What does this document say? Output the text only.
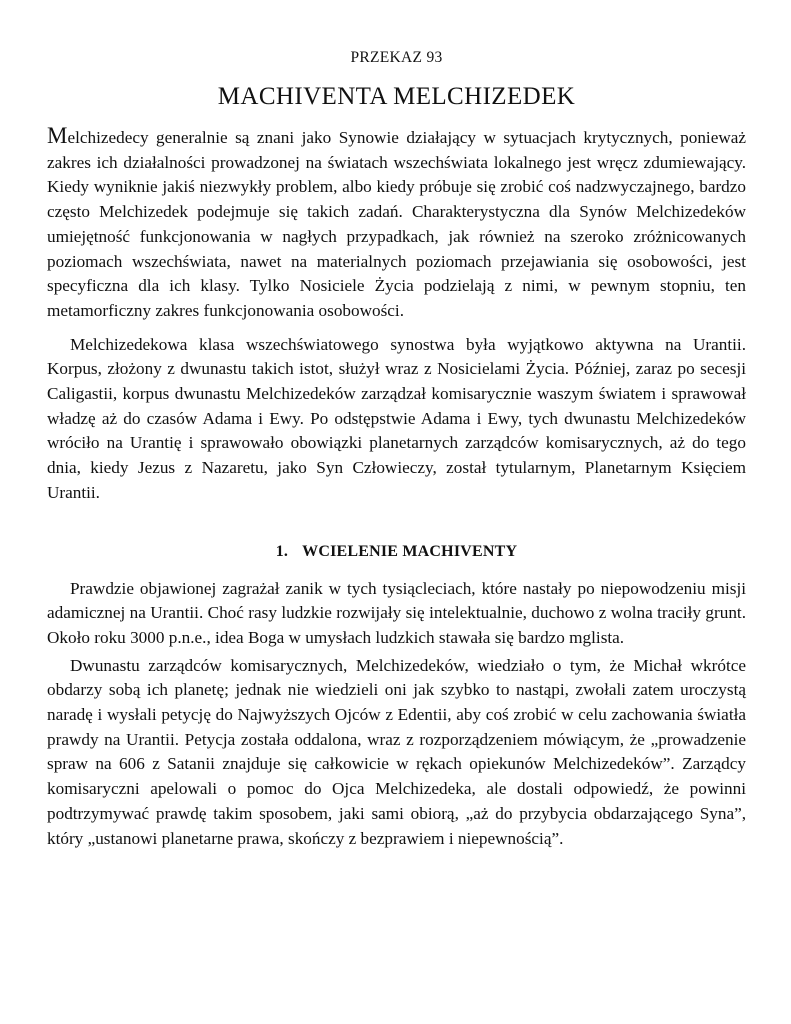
PRZEKAZ 93
MACHIVENTA MELCHIZEDEK

Melchizedecy generalnie są znani jako Synowie działający w sytuacjach krytycznych, ponieważ zakres ich działalności prowadzonej na światach wszechświata lokalnego jest wręcz zdumiewający. Kiedy wyniknie jakiś niezwykły problem, albo kiedy próbuje się zrobić coś nadzwyczajnego, bardzo często Melchizedek podejmuje się takich zadań. Charakterystyczna dla Synów Melchizedeków umiejętność funkcjonowania w nagłych przypadkach, jak również na szeroko zróżnicowanych poziomach wszechświata, nawet na materialnych poziomach przejawiania się osobowości, jest specyficzna dla ich klasy. Tylko Nosiciele Życia podzielają z nimi, w pewnym stopniu, ten metamorficzny zakres funkcjonowania osobowości.

Melchizedekowa klasa wszechświatowego synostwa była wyjątkowo aktywna na Urantii. Korpus, złożony z dwunastu takich istot, służył wraz z Nosicielami Życia. Później, zaraz po secesji Caligastii, korpus dwunastu Melchizedeków zarządzał komisarycznie waszym światem i sprawował władzę aż do czasów Adama i Ewy. Po odstępstwie Adama i Ewy, tych dwunastu Melchizedeków wróciło na Urantię i sprawowało obowiązki planetarnych zarządców komisarycznych, aż do tego dnia, kiedy Jezus z Nazaretu, jako Syn Człowieczy, został tytularnym, Planetarnym Księciem Urantii.

1. WCIELENIE MACHIVENTY

Prawdzie objawionej zagrażał zanik w tych tysiącleciach, które nastały po niepowodzeniu misji adamicznej na Urantii. Choć rasy ludzkie rozwijały się intelektualnie, duchowo z wolna traciły grunt. Około roku 3000 p.n.e., idea Boga w umysłach ludzkich stawała się bardzo mglista.

Dwunastu zarządców komisarycznych, Melchizedeków, wiedziało o tym, że Michał wkrótce obdarzy sobą ich planetę; jednak nie wiedzieli oni jak szybko to nastąpi, zwołali zatem uroczystą naradę i wysłali petycję do Najwyższych Ojców z Edentii, aby coś zrobić w celu zachowania światła prawdy na Urantii. Petycja została oddalona, wraz z rozporządzeniem mówiącym, że „prowadzenie spraw na 606 z Satanii znajduje się całkowicie w rękach opiekunów Melchizedeków”. Zarządcy komisaryczni apelowali o pomoc do Ojca Melchizedeka, ale dostali odpowiedź, że powinni podtrzymywać prawdę takim sposobem, jaki sami obiorą, „aż do przybycia obdarzającego Syna”, który „ustanowi planetarne prawa, skończy z bezprawiem i niepewnością”.
